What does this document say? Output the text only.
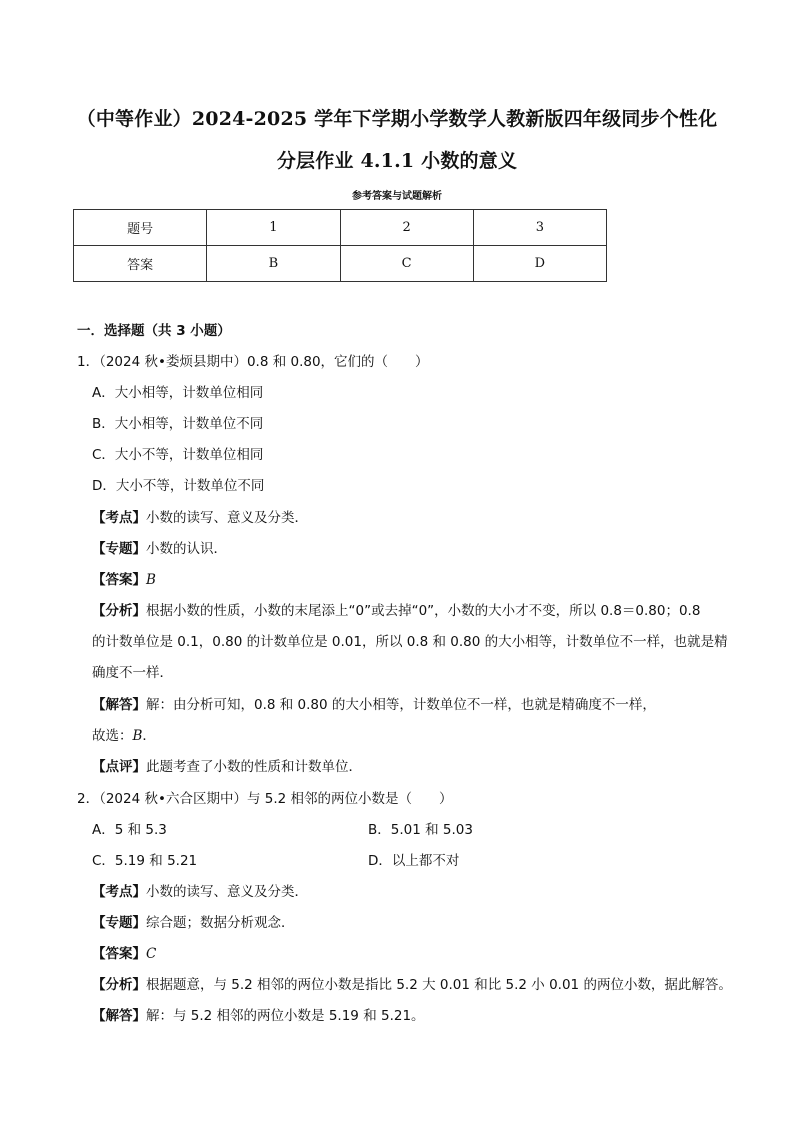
（中等作业）2024-2025 学年下学期小学数学人教新版四年级同步个性化
分层作业 4.1.1 小数的意义
参考答案与试题解析
题号	1	2	3
答案	B	C	D
一．选择题（共 3 小题）
1．（2024 秋•娄烦县期中）0.8 和 0.80，它们的（　　）
A．大小相等，计数单位相同
B．大小相等，计数单位不同
C．大小不等，计数单位相同
D．大小不等，计数单位不同
【考点】小数的读写、意义及分类．
【专题】小数的认识．
【答案】B
【分析】根据小数的性质，小数的末尾添上“0”或去掉“0”，小数的大小才不变，所以 0.8＝0.80；0.8
的计数单位是 0.1，0.80 的计数单位是 0.01，所以 0.8 和 0.80 的大小相等，计数单位不一样，也就是精
确度不一样．
【解答】解：由分析可知，0.8 和 0.80 的大小相等，计数单位不一样，也就是精确度不一样，
故选：B．
【点评】此题考查了小数的性质和计数单位．
2．（2024 秋•六合区期中）与 5.2 相邻的两位小数是（　　）
A．5 和 5.3	B．5.01 和 5.03
C．5.19 和 5.21	D．以上都不对
【考点】小数的读写、意义及分类．
【专题】综合题；数据分析观念．
【答案】C
【分析】根据题意，与 5.2 相邻的两位小数是指比 5.2 大 0.01 和比 5.2 小 0.01 的两位小数，据此解答。
【解答】解：与 5.2 相邻的两位小数是 5.19 和 5.21。
